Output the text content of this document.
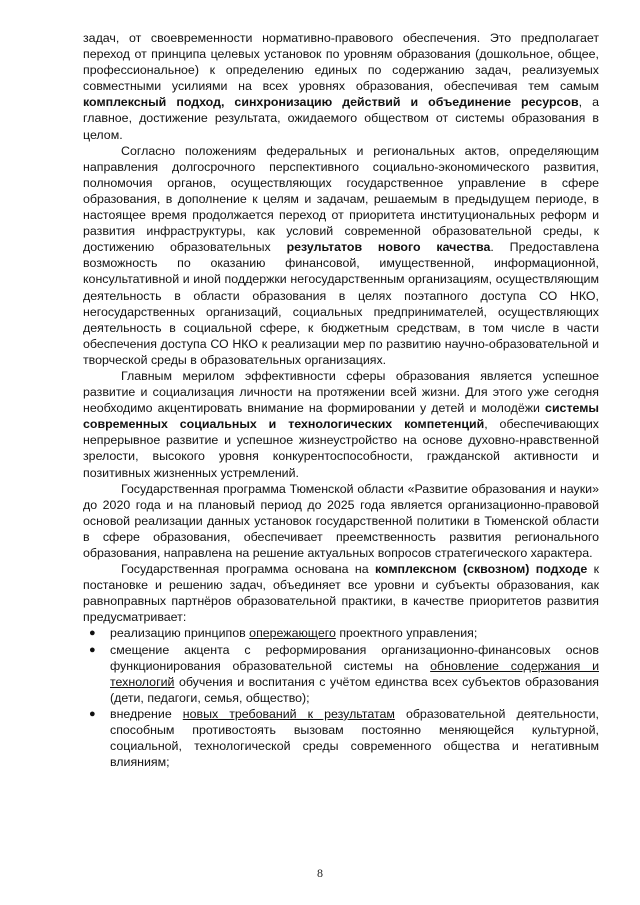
задач, от своевременности нормативно-правового обеспечения. Это предполагает переход от принципа целевых установок по уровням образования (дошкольное, общее, профессиональное) к определению единых по содержанию задач, реализуемых совместными усилиями на всех уровнях образования, обеспечивая тем самым комплексный подход, синхронизацию действий и объединение ресурсов, а главное, достижение результата, ожидаемого обществом от системы образования в целом.

Согласно положениям федеральных и региональных актов, определяющим направления долгосрочного перспективного социально-экономического развития, полномочия органов, осуществляющих государственное управление в сфере образования, в дополнение к целям и задачам, решаемым в предыдущем периоде, в настоящее время продолжается переход от приоритета институциональных реформ и развития инфраструктуры, как условий современной образовательной среды, к достижению образовательных результатов нового качества. Предоставлена возможность по оказанию финансовой, имущественной, информационной, консультативной и иной поддержки негосударственным организациям, осуществляющим деятельность в области образования в целях поэтапного доступа СО НКО, негосударственных организаций, социальных предпринимателей, осуществляющих деятельность в социальной сфере, к бюджетным средствам, в том числе в части обеспечения доступа СО НКО к реализации мер по развитию научно-образовательной и творческой среды в образовательных организациях.

Главным мерилом эффективности сферы образования является успешное развитие и социализация личности на протяжении всей жизни. Для этого уже сегодня необходимо акцентировать внимание на формировании у детей и молодёжи системы современных социальных и технологических компетенций, обеспечивающих непрерывное развитие и успешное жизнеустройство на основе духовно-нравственной зрелости, высокого уровня конкурентоспособности, гражданской активности и позитивных жизненных устремлений.

Государственная программа Тюменской области «Развитие образования и науки» до 2020 года и на плановый период до 2025 года является организационно-правовой основой реализации данных установок государственной политики в Тюменской области в сфере образования, обеспечивает преемственность развития регионального образования, направлена на решение актуальных вопросов стратегического характера.

Государственная программа основана на комплексном (сквозном) подходе к постановке и решению задач, объединяет все уровни и субъекты образования, как равноправных партнёров образовательной практики, в качестве приоритетов развития предусматривает:

● реализацию принципов опережающего проектного управления;
● смещение акцента с реформирования организационно-финансовых основ функционирования образовательной системы на обновление содержания и технологий обучения и воспитания с учётом единства всех субъектов образования (дети, педагоги, семья, общество);
● внедрение новых требований к результатам образовательной деятельности, способным противостоять вызовам постоянно меняющейся культурной, социальной, технологической среды современного общества и негативным влияниям;
8
